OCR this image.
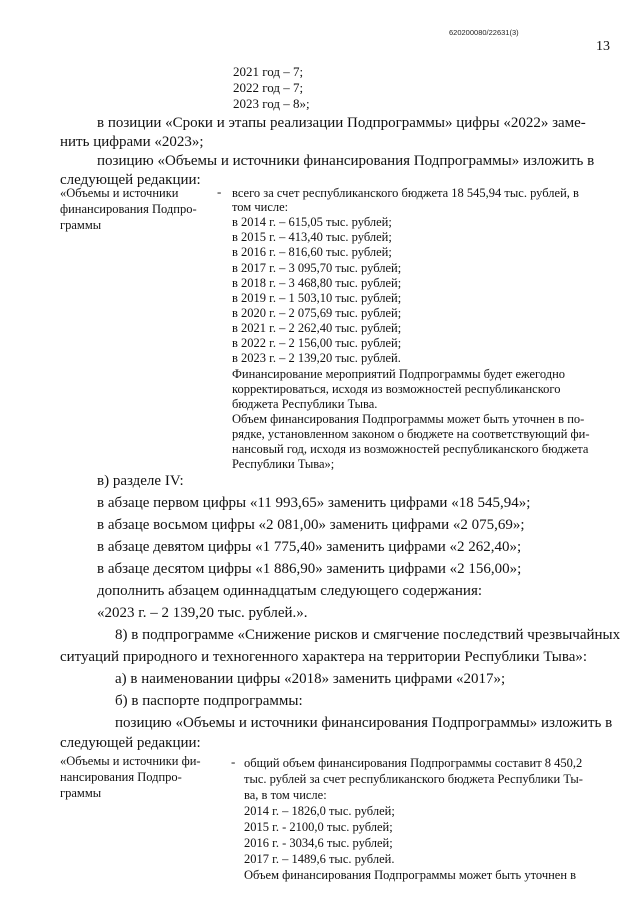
620200080/22631(3)
13
2021 год – 7;
2022 год – 7;
2023 год – 8»;
в позиции «Сроки и этапы реализации Подпрограммы» цифры «2022» заме-
нить цифрами «2023»;
позицию «Объемы и источники финансирования Подпрограммы» изложить в
следующей редакции:
«Объемы и источники
финансирования Подпро-
граммы
- всего за счет республиканского бюджета 18 545,94 тыс. рублей, в
том числе:
в 2014 г. – 615,05 тыс. рублей;
в 2015 г. – 413,40 тыс. рублей;
в 2016 г. – 816,60 тыс. рублей;
в 2017 г. – 3 095,70 тыс. рублей;
в 2018 г. – 3 468,80 тыс. рублей;
в 2019 г. – 1 503,10 тыс. рублей;
в 2020 г. – 2 075,69 тыс. рублей;
в 2021 г. – 2 262,40 тыс. рублей;
в 2022 г. – 2 156,00 тыс. рублей;
в 2023 г. – 2 139,20 тыс. рублей.
Финансирование мероприятий Подпрограммы будет ежегодно
корректироваться, исходя из возможностей республиканского
бюджета Республики Тыва.
Объем финансирования Подпрограммы может быть уточнен в по-
рядке, установленном законом о бюджете на соответствующий фи-
нансовый год, исходя из возможностей республиканского бюджета
Республики Тыва»;
в) разделе IV:
в абзаце первом цифры «11 993,65» заменить цифрами «18 545,94»;
в абзаце восьмом цифры «2 081,00» заменить цифрами «2 075,69»;
в абзаце девятом цифры «1 775,40» заменить цифрами «2 262,40»;
в абзаце десятом цифры «1 886,90» заменить цифрами «2 156,00»;
дополнить абзацем одиннадцатым следующего содержания:
«2023 г. – 2 139,20 тыс. рублей.».
8) в подпрограмме «Снижение рисков и смягчение последствий чрезвычайных
ситуаций природного и техногенного характера на территории Республики Тыва»:
а) в наименовании цифры «2018» заменить цифрами «2017»;
б) в паспорте подпрограммы:
позицию «Объемы и источники финансирования Подпрограммы» изложить в
следующей редакции:
«Объемы и источники фи-
нансирования Подпро-
граммы
- общий объем финансирования Подпрограммы составит 8 450,2
тыс. рублей за счет республиканского бюджета Республики Ты-
ва, в том числе:
2014 г. – 1826,0 тыс. рублей;
2015 г. - 2100,0 тыс. рублей;
2016 г. - 3034,6 тыс. рублей;
2017 г. – 1489,6 тыс. рублей.
Объем финансирования Подпрограммы может быть уточнен в
